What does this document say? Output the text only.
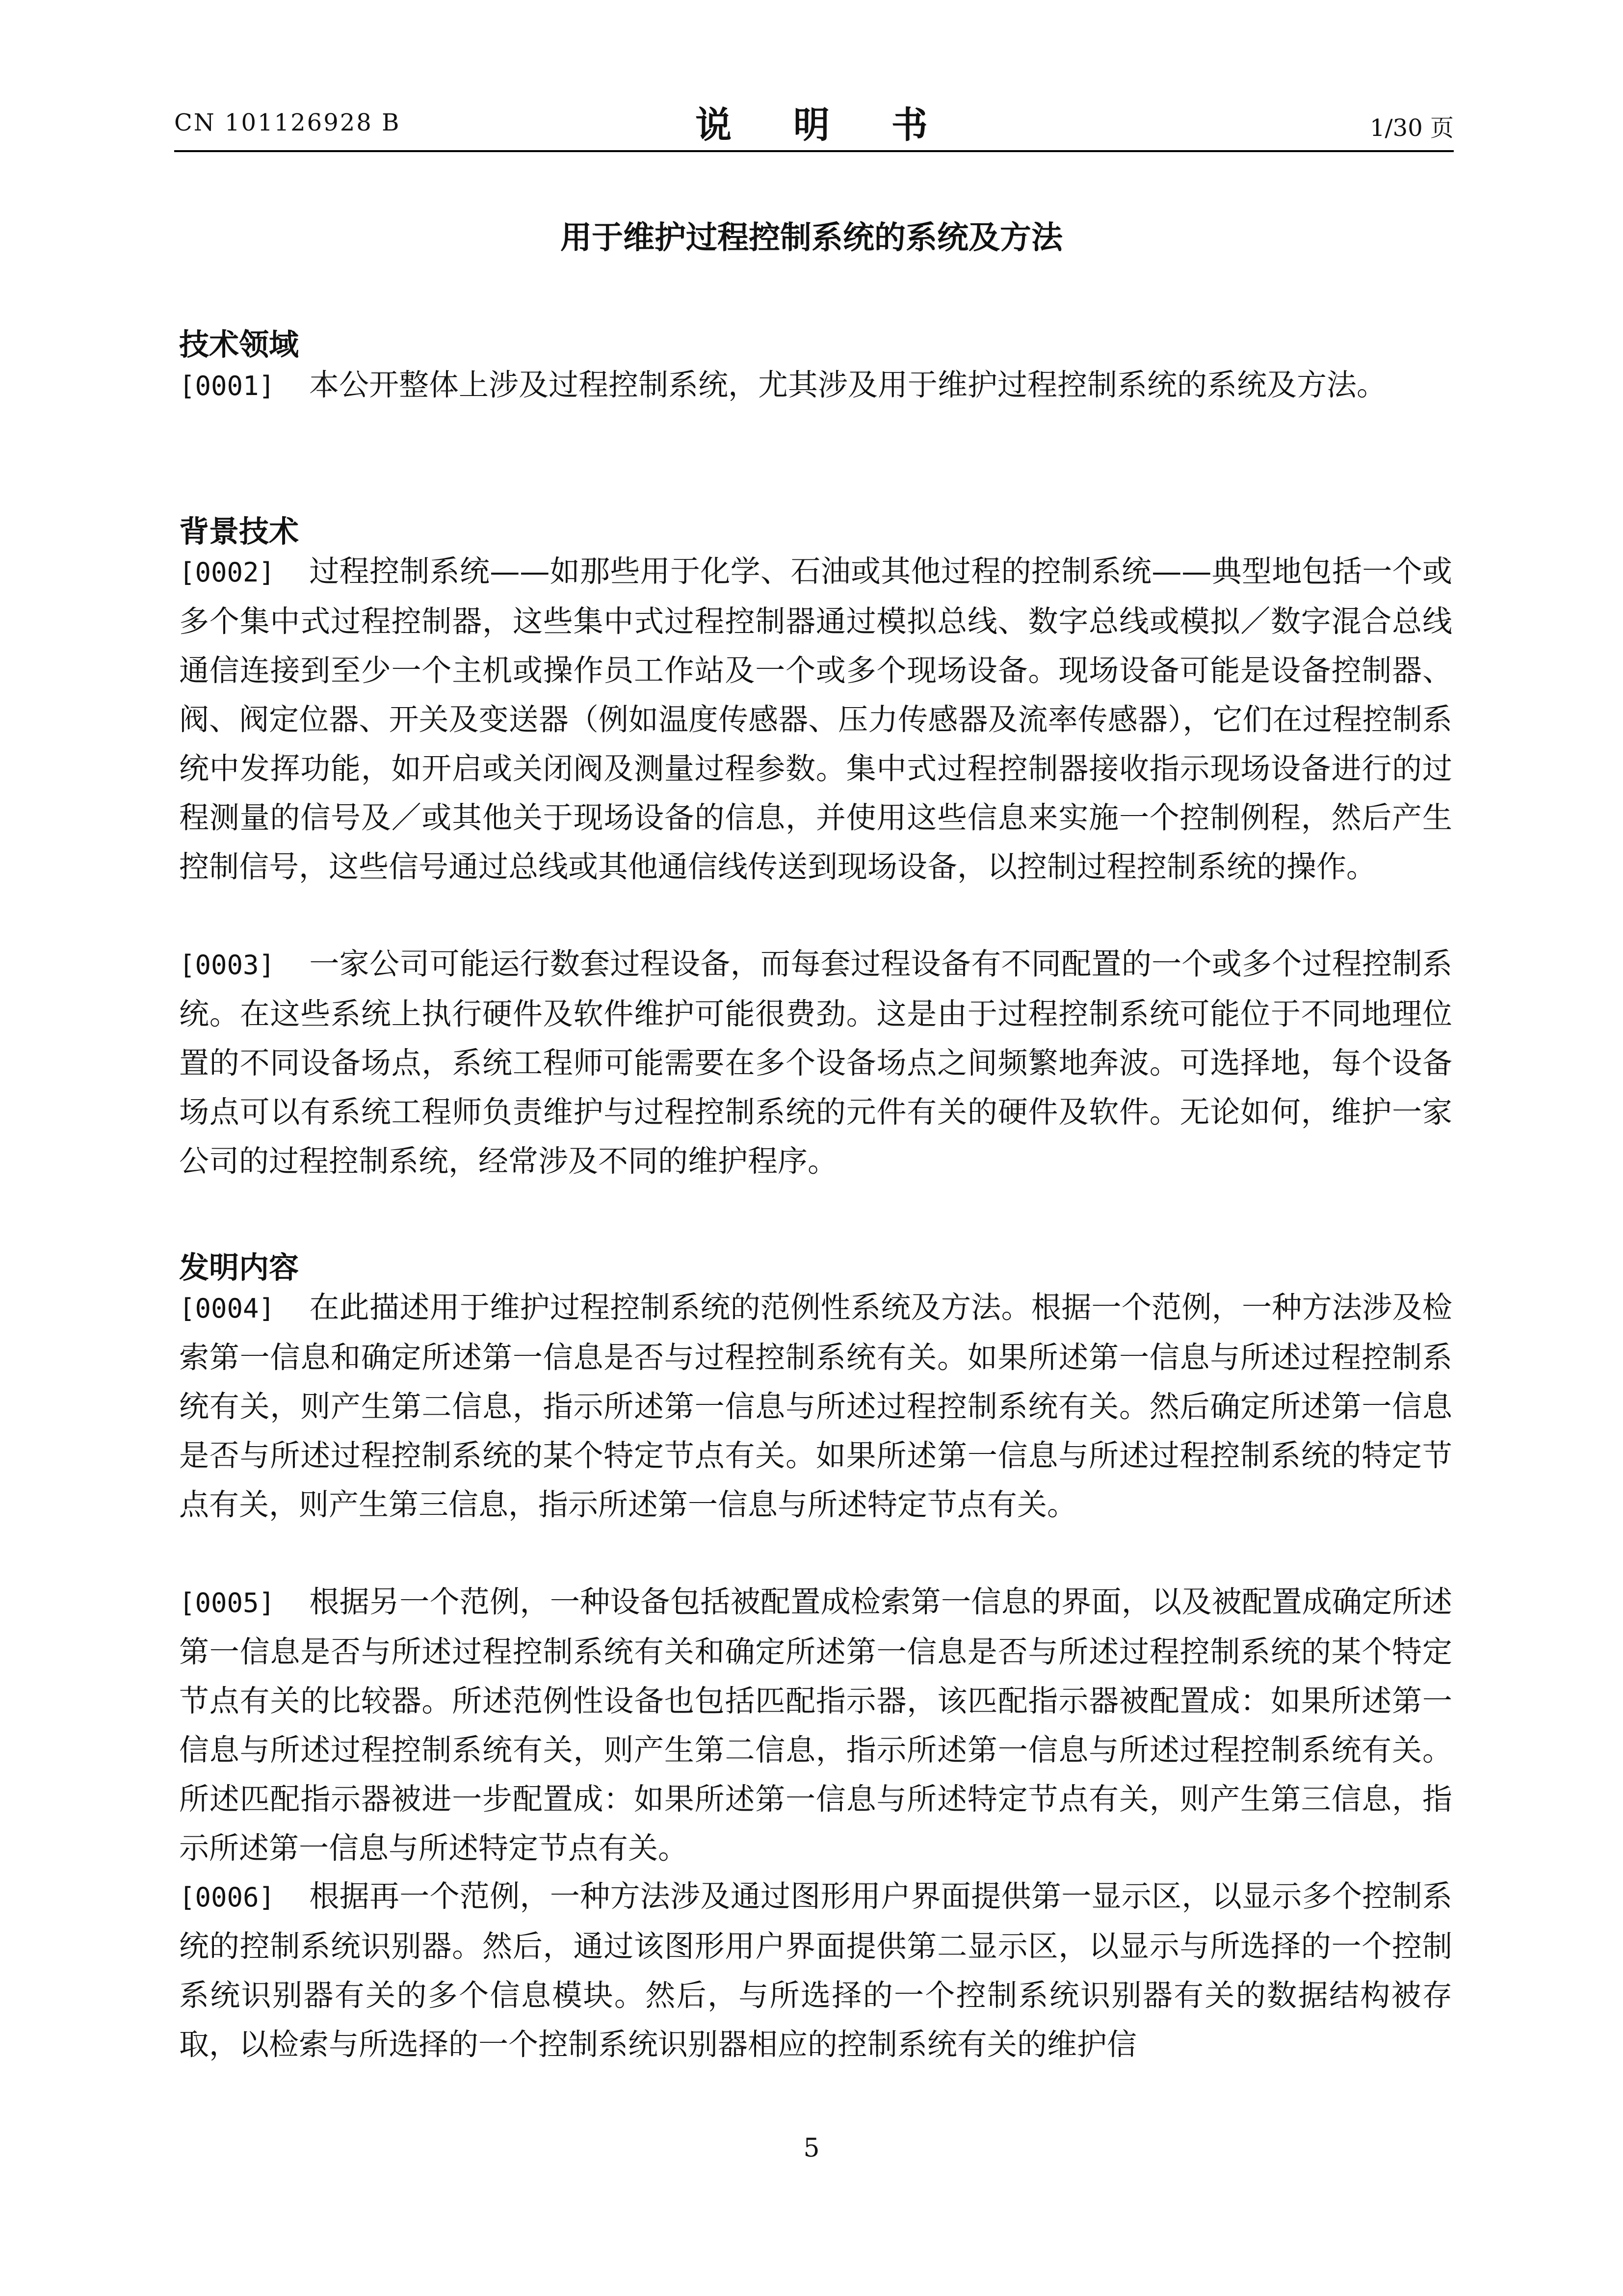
CN 101126928 B	说 明 书	1/30 页
用于维护过程控制系统的系统及方法
技术领域
[0001] 本公开整体上涉及过程控制系统，尤其涉及用于维护过程控制系统的系统及方法。
背景技术
[0002] 过程控制系统——如那些用于化学、石油或其他过程的控制系统——典型地包括一个或多个集中式过程控制器，这些集中式过程控制器通过模拟总线、数字总线或模拟／数字混合总线通信连接到至少一个主机或操作员工作站及一个或多个现场设备。现场设备可能是设备控制器、阀、阀定位器、开关及变送器（例如温度传感器、压力传感器及流率传感器），它们在过程控制系统中发挥功能，如开启或关闭阀及测量过程参数。集中式过程控制器接收指示现场设备进行的过程测量的信号及／或其他关于现场设备的信息，并使用这些信息来实施一个控制例程，然后产生控制信号，这些信号通过总线或其他通信线传送到现场设备，以控制过程控制系统的操作。
[0003] 一家公司可能运行数套过程设备，而每套过程设备有不同配置的一个或多个过程控制系统。在这些系统上执行硬件及软件维护可能很费劲。这是由于过程控制系统可能位于不同地理位置的不同设备场点，系统工程师可能需要在多个设备场点之间频繁地奔波。可选择地，每个设备场点可以有系统工程师负责维护与过程控制系统的元件有关的硬件及软件。无论如何，维护一家公司的过程控制系统，经常涉及不同的维护程序。
发明内容
[0004] 在此描述用于维护过程控制系统的范例性系统及方法。根据一个范例，一种方法涉及检索第一信息和确定所述第一信息是否与过程控制系统有关。如果所述第一信息与所述过程控制系统有关，则产生第二信息，指示所述第一信息与所述过程控制系统有关。然后确定所述第一信息是否与所述过程控制系统的某个特定节点有关。如果所述第一信息与所述过程控制系统的特定节点有关，则产生第三信息，指示所述第一信息与所述特定节点有关。
[0005] 根据另一个范例，一种设备包括被配置成检索第一信息的界面，以及被配置成确定所述第一信息是否与所述过程控制系统有关和确定所述第一信息是否与所述过程控制系统的某个特定节点有关的比较器。所述范例性设备也包括匹配指示器，该匹配指示器被配置成：如果所述第一信息与所述过程控制系统有关，则产生第二信息，指示所述第一信息与所述过程控制系统有关。所述匹配指示器被进一步配置成：如果所述第一信息与所述特定节点有关，则产生第三信息，指示所述第一信息与所述特定节点有关。
[0006] 根据再一个范例，一种方法涉及通过图形用户界面提供第一显示区，以显示多个控制系统的控制系统识别器。然后，通过该图形用户界面提供第二显示区，以显示与所选择的一个控制系统识别器有关的多个信息模块。然后，与所选择的一个控制系统识别器有关的数据结构被存取，以检索与所选择的一个控制系统识别器相应的控制系统有关的维护信
5
